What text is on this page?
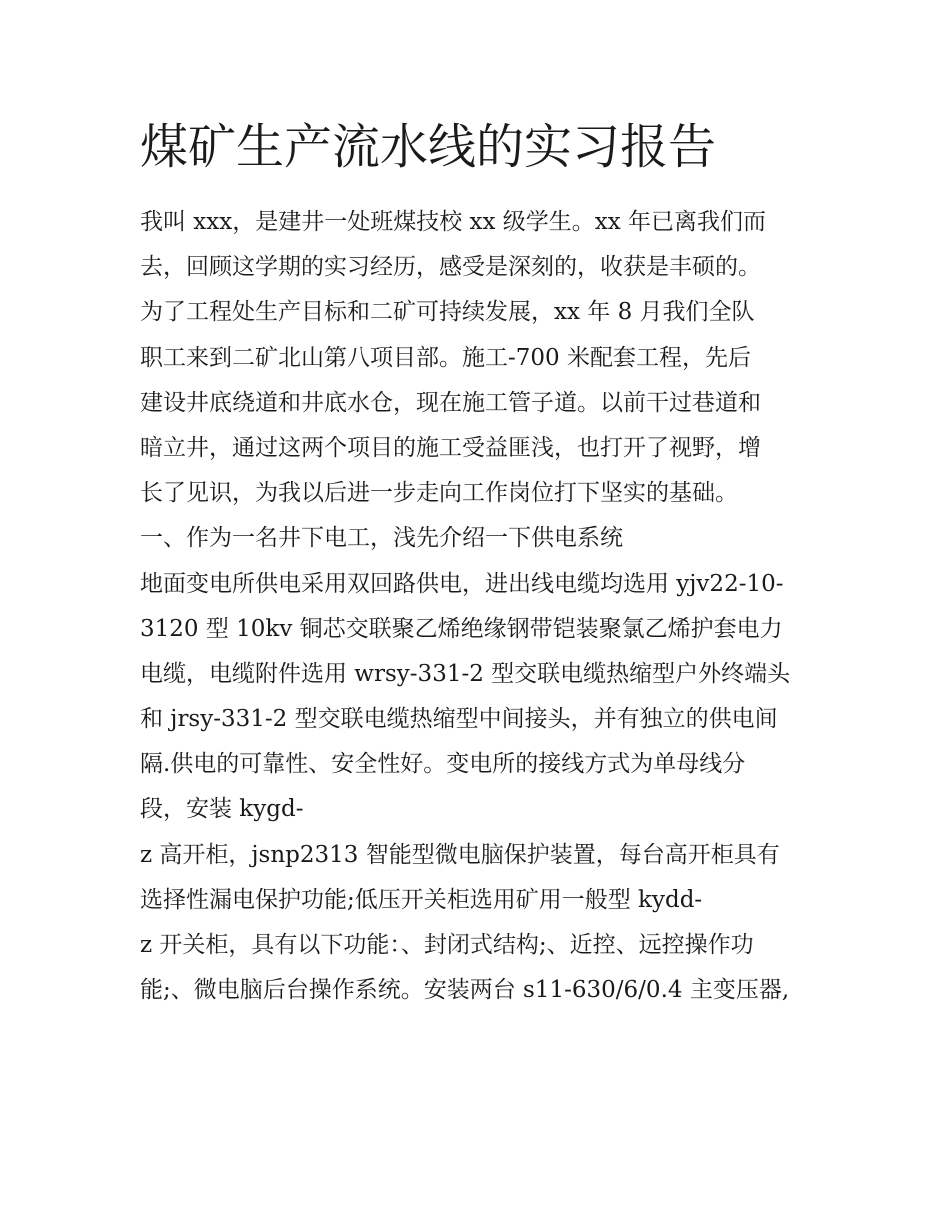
煤矿生产流水线的实习报告
我叫 xxx，是建井一处班煤技校 xx 级学生。xx 年已离我们而
去，回顾这学期的实习经历，感受是深刻的，收获是丰硕的。
为了工程处生产目标和二矿可持续发展，xx 年 8 月我们全队
职工来到二矿北山第八项目部。施工-700 米配套工程，先后
建设井底绕道和井底水仓，现在施工管子道。以前干过巷道和
暗立井，通过这两个项目的施工受益匪浅，也打开了视野，增
长了见识，为我以后进一步走向工作岗位打下坚实的基础。
一、作为一名井下电工，浅先介绍一下供电系统
地面变电所供电采用双回路供电，进出线电缆均选用 yjv22-10-
3120 型 10kv 铜芯交联聚乙烯绝缘钢带铠装聚氯乙烯护套电力
电缆，电缆附件选用 wrsy-331-2 型交联电缆热缩型户外终端头
和 jrsy-331-2 型交联电缆热缩型中间接头，并有独立的供电间
隔.供电的可靠性、安全性好。变电所的接线方式为单母线分
段，安装 kygd-
z 高开柜，jsnp2313 智能型微电脑保护装置，每台高开柜具有
选择性漏电保护功能;低压开关柜选用矿用一般型 kydd-
z 开关柜，具有以下功能：、封闭式结构;、近控、远控操作功
能;、微电脑后台操作系统。安装两台 s11-630/6/0.4 主变压器,
